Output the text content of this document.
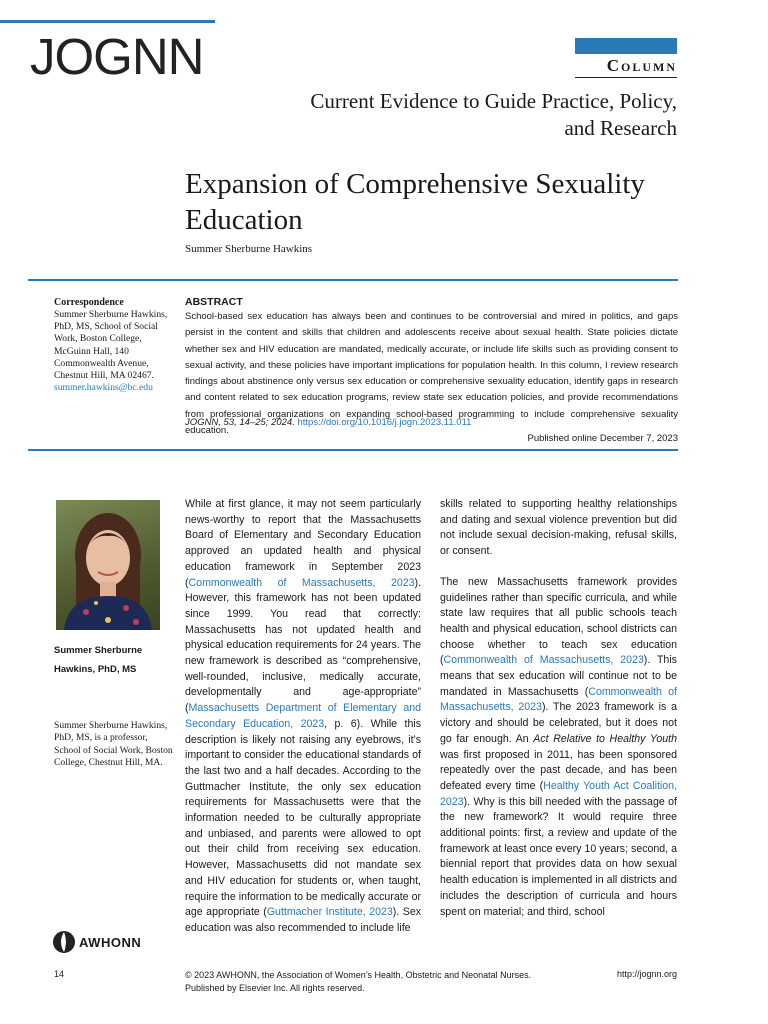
JOGNN	Column
Current Evidence to Guide Practice, Policy, and Research
Expansion of Comprehensive Sexuality Education
Summer Sherburne Hawkins
Correspondence
Summer Sherburne Hawkins, PhD, MS, School of Social Work, Boston College, McGuinn Hall, 140 Commonwealth Avenue, Chestnut Hill, MA 02467.
summer.hawkins@bc.edu
ABSTRACT
School-based sex education has always been and continues to be controversial and mired in politics, and gaps persist in the content and skills that children and adolescents receive about sexual health. State policies dictate whether sex and HIV education are mandated, medically accurate, or include life skills such as providing consent to sexual activity, and these policies have important implications for population health. In this column, I review research findings about abstinence only versus sex education or comprehensive sexuality education, identify gaps in research and content related to sex education programs, review state sex education policies, and provide recommendations from professional organizations on expanding school-based programming to include comprehensive sexuality education.
JOGNN, 53, 14–25; 2024. https://doi.org/10.1016/j.jogn.2023.11.011
Published online December 7, 2023
Summer Sherburne Hawkins, PhD, MS
Summer Sherburne Hawkins, PhD, MS, is a professor, School of Social Work, Boston College, Chestnut Hill, MA.

While at first glance, it may not seem particularly news-worthy to report that the Massachusetts Board of Elementary and Secondary Education approved an updated health and physical education framework in September 2023 (Commonwealth of Massachusetts, 2023). However, this framework has not been updated since 1999. You read that correctly: Massachusetts has not updated health and physical education requirements for 24 years. The new framework is described as “comprehensive, well-rounded, inclusive, medically accurate, developmentally and age-appropriate” (Massachusetts Department of Elementary and Secondary Education, 2023, p. 6). While this description is likely not raising any eyebrows, it’s important to consider the educational standards of the last two and a half decades. According to the Guttmacher Institute, the only sex education requirements for Massachusetts were that the information needed to be culturally appropriate and unbiased, and parents were allowed to opt out their child from receiving sex education. However, Massachusetts did not mandate sex and HIV education for students or, when taught, require the information to be medically accurate or age appropriate (Guttmacher Institute, 2023). Sex education was also recommended to include life

skills related to supporting healthy relationships and dating and sexual violence prevention but did not include sexual decision-making, refusal skills, or consent.

The new Massachusetts framework provides guidelines rather than specific curricula, and while state law requires that all public schools teach health and physical education, school districts can choose whether to teach sex education (Commonwealth of Massachusetts, 2023). This means that sex education will continue not to be mandated in Massachusetts (Commonwealth of Massachusetts, 2023). The 2023 framework is a victory and should be celebrated, but it does not go far enough. An Act Relative to Healthy Youth was first proposed in 2011, has been sponsored repeatedly over the past decade, and has been defeated every time (Healthy Youth Act Coalition, 2023). Why is this bill needed with the passage of the new framework? It would require three additional points: first, a review and update of the framework at least once every 10 years; second, a biennial report that provides data on how sexual health education is implemented in all districts and includes the description of curricula and hours spent on material; and third, school

AWHONN
14	© 2023 AWHONN, the Association of Women’s Health, Obstetric and Neonatal Nurses.
Published by Elsevier Inc. All rights reserved.
http://jognn.org
